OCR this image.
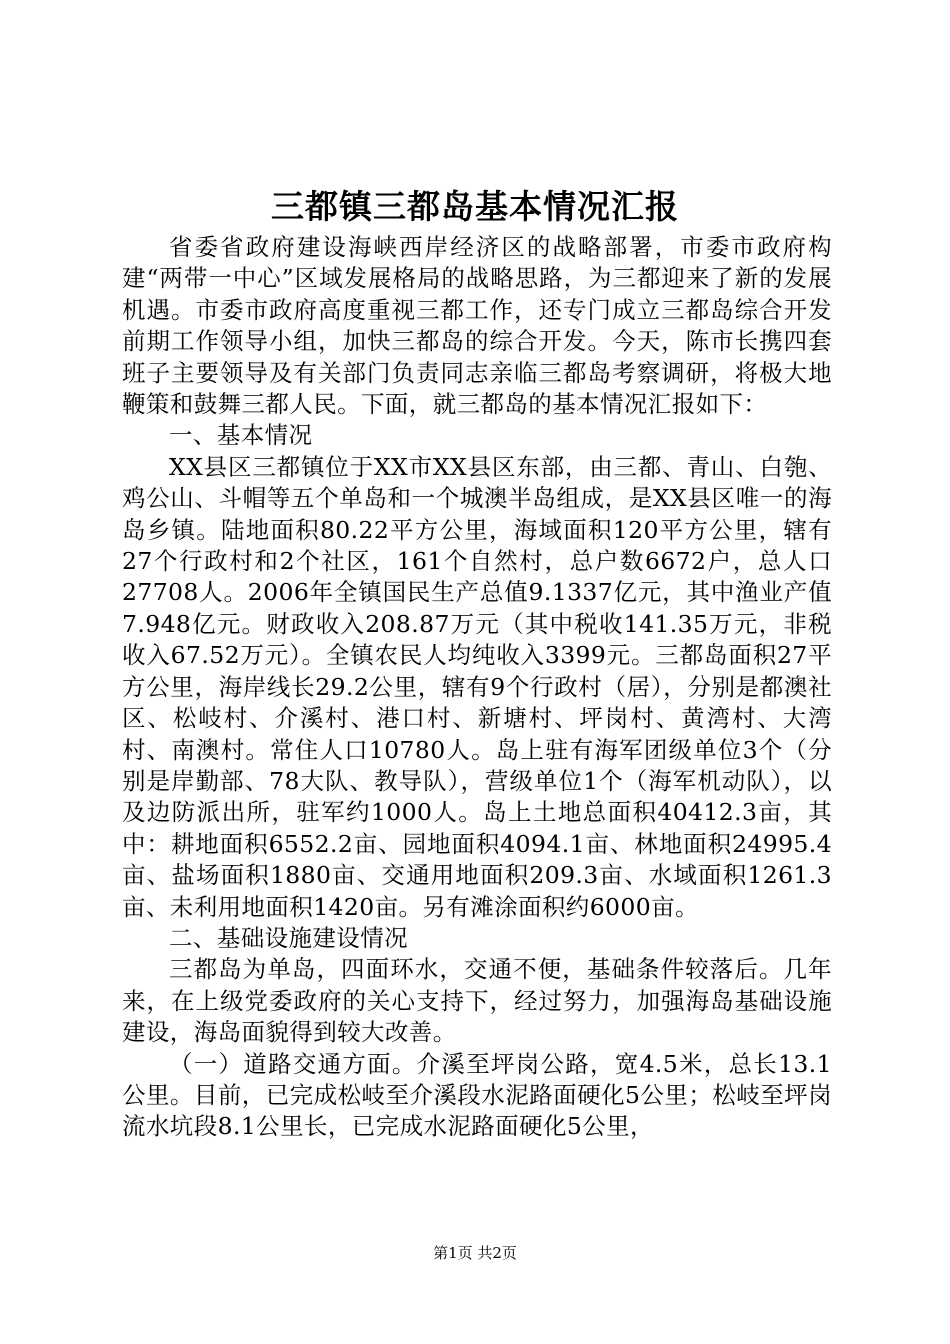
三都镇三都岛基本情况汇报

省委省政府建设海峡西岸经济区的战略部署，市委市政府构建“两带一中心”区域发展格局的战略思路，为三都迎来了新的发展机遇。市委市政府高度重视三都工作，还专门成立三都岛综合开发前期工作领导小组，加快三都岛的综合开发。今天，陈市长携四套班子主要领导及有关部门负责同志亲临三都岛考察调研，将极大地鞭策和鼓舞三都人民。下面，就三都岛的基本情况汇报如下：

一、基本情况

XX县区三都镇位于XX市XX县区东部，由三都、青山、白匏、鸡公山、斗帽等五个单岛和一个城澳半岛组成，是XX县区唯一的海岛乡镇。陆地面积80.22平方公里，海域面积120平方公里，辖有27个行政村和2个社区，161个自然村，总户数6672户，总人口27708人。2006年全镇国民生产总值9.1337亿元，其中渔业产值7.948亿元。财政收入208.87万元（其中税收141.35万元，非税收入67.52万元）。全镇农民人均纯收入3399元。三都岛面积27平方公里，海岸线长29.2公里，辖有9个行政村（居），分别是都澳社区、松岐村、介溪村、港口村、新塘村、坪岗村、黄湾村、大湾村、南澳村。常住人口10780人。岛上驻有海军团级单位3个（分别是岸勤部、78大队、教导队），营级单位1个（海军机动队），以及边防派出所，驻军约1000人。岛上土地总面积40412.3亩，其中：耕地面积6552.2亩、园地面积4094.1亩、林地面积24995.4亩、盐场面积1880亩、交通用地面积209.3亩、水域面积1261.3亩、未利用地面积1420亩。另有滩涂面积约6000亩。

二、基础设施建设情况

三都岛为单岛，四面环水，交通不便，基础条件较落后。几年来，在上级党委政府的关心支持下，经过努力，加强海岛基础设施建设，海岛面貌得到较大改善。

（一）道路交通方面。介溪至坪岗公路，宽4.5米，总长13.1公里。目前，已完成松岐至介溪段水泥路面硬化5公里；松岐至坪岗流水坑段8.1公里长，已完成水泥路面硬化5公里，

第1页 共2页
